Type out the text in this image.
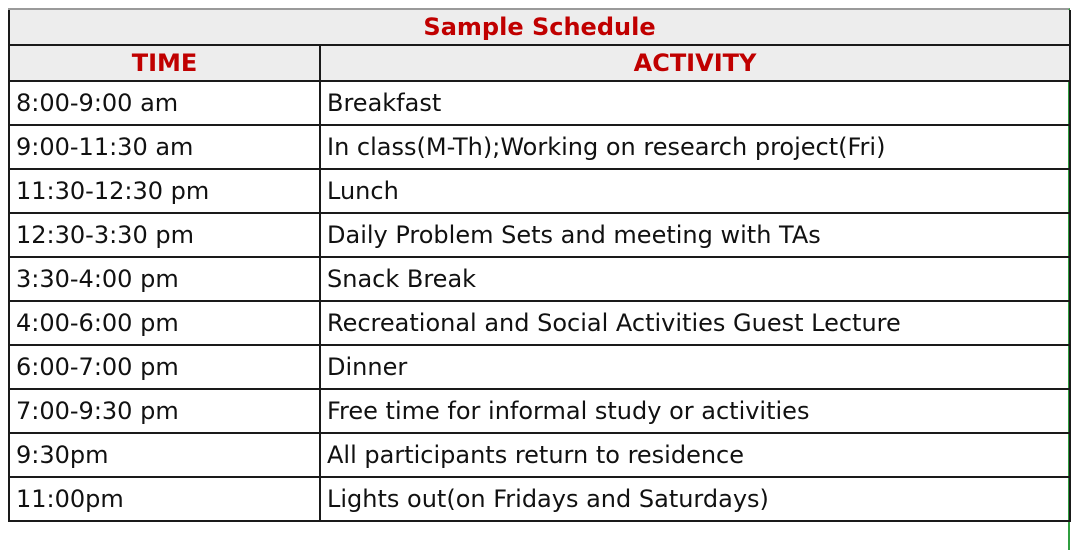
Sample Schedule	
TIME	ACTIVITY
8:00-9:00 am	Breakfast
9:00-11:30 am	In class(M-Th);Working on research project(Fri)
11:30-12:30 pm	Lunch
12:30-3:30 pm	Daily Problem Sets and meeting with TAs
3:30-4:00 pm	Snack Break
4:00-6:00 pm	Recreational and Social Activities Guest Lecture
6:00-7:00 pm	Dinner
7:00-9:30 pm	Free time for informal study or activities
9:30pm	All participants return to residence
11:00pm	Lights out(on Fridays and Saturdays)
